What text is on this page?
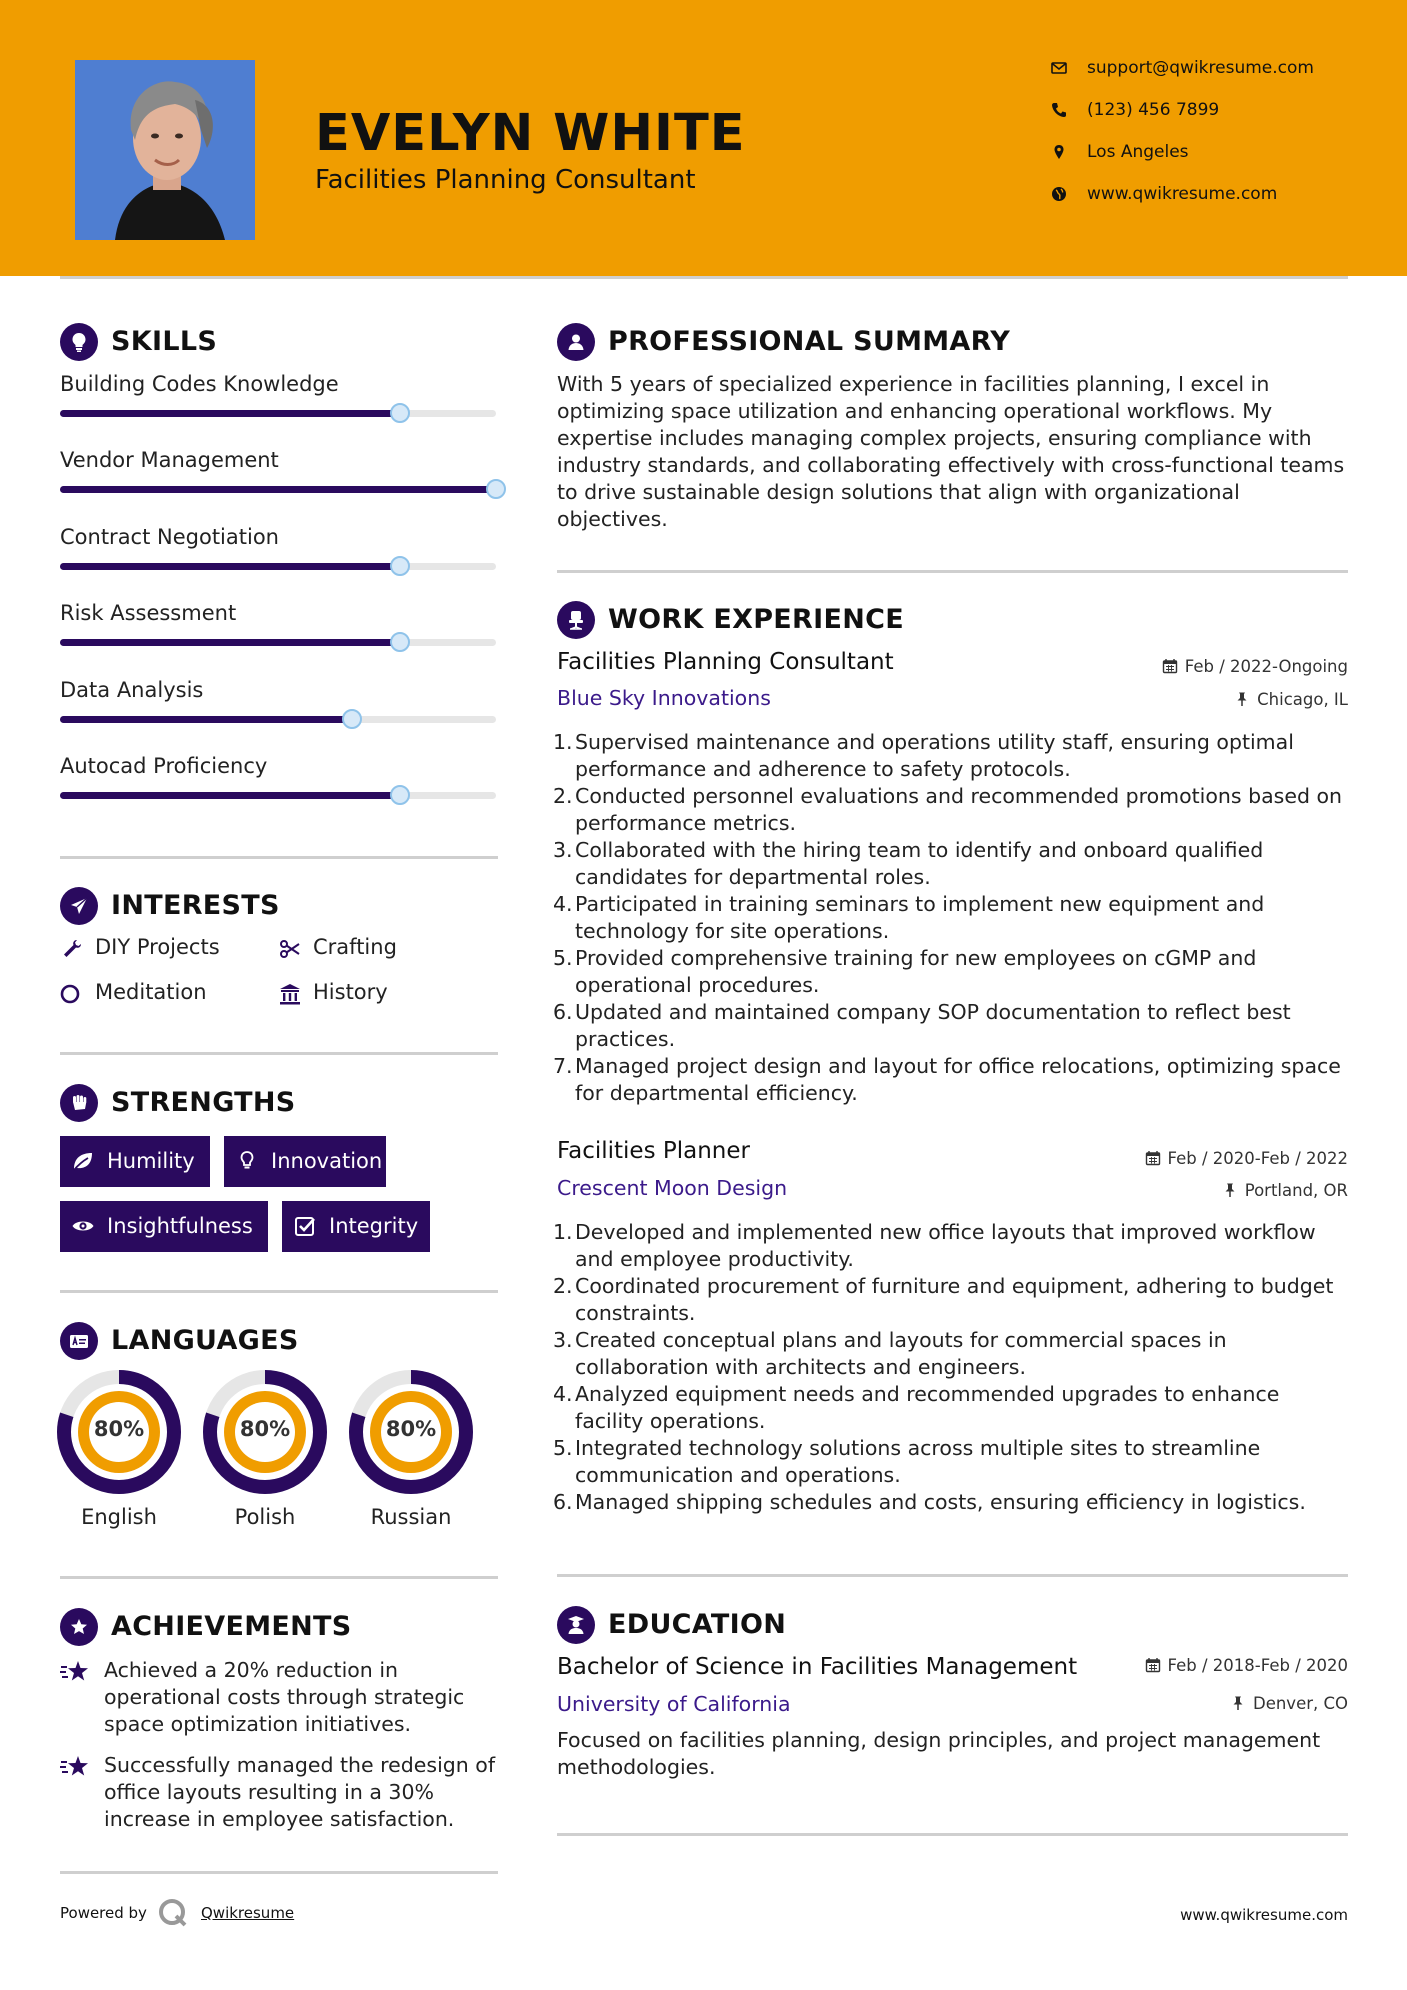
EVELYN WHITE
Facilities Planning Consultant
support@qwikresume.com
(123) 456 7899
Los Angeles
www.qwikresume.com
SKILLS
Building Codes Knowledge
Vendor Management
Contract Negotiation
Risk Assessment
Data Analysis
Autocad Proficiency
INTERESTS
DIY Projects	Crafting
Meditation	History
STRENGTHS
Humility	Innovation
Insightfulness	Integrity
LANGUAGES
80%
English
80%
Polish
80%
Russian
ACHIEVEMENTS
Achieved a 20% reduction in operational costs through strategic space optimization initiatives.
Successfully managed the redesign of office layouts resulting in a 30% increase in employee satisfaction.
PROFESSIONAL SUMMARY
With 5 years of specialized experience in facilities planning, I excel in optimizing space utilization and enhancing operational workflows. My expertise includes managing complex projects, ensuring compliance with industry standards, and collaborating effectively with cross-functional teams to drive sustainable design solutions that align with organizational objectives.
WORK EXPERIENCE
Facilities Planning Consultant	Feb / 2022-Ongoing
Blue Sky Innovations	Chicago, IL
1. Supervised maintenance and operations utility staff, ensuring optimal performance and adherence to safety protocols.
2. Conducted personnel evaluations and recommended promotions based on performance metrics.
3. Collaborated with the hiring team to identify and onboard qualified candidates for departmental roles.
4. Participated in training seminars to implement new equipment and technology for site operations.
5. Provided comprehensive training for new employees on cGMP and operational procedures.
6. Updated and maintained company SOP documentation to reflect best practices.
7. Managed project design and layout for office relocations, optimizing space for departmental efficiency.
Facilities Planner	Feb / 2020-Feb / 2022
Crescent Moon Design	Portland, OR
1. Developed and implemented new office layouts that improved workflow and employee productivity.
2. Coordinated procurement of furniture and equipment, adhering to budget constraints.
3. Created conceptual plans and layouts for commercial spaces in collaboration with architects and engineers.
4. Analyzed equipment needs and recommended upgrades to enhance facility operations.
5. Integrated technology solutions across multiple sites to streamline communication and operations.
6. Managed shipping schedules and costs, ensuring efficiency in logistics.
EDUCATION
Bachelor of Science in Facilities Management	Feb / 2018-Feb / 2020
University of California	Denver, CO
Focused on facilities planning, design principles, and project management methodologies.
Powered by	Qwikresume	www.qwikresume.com
